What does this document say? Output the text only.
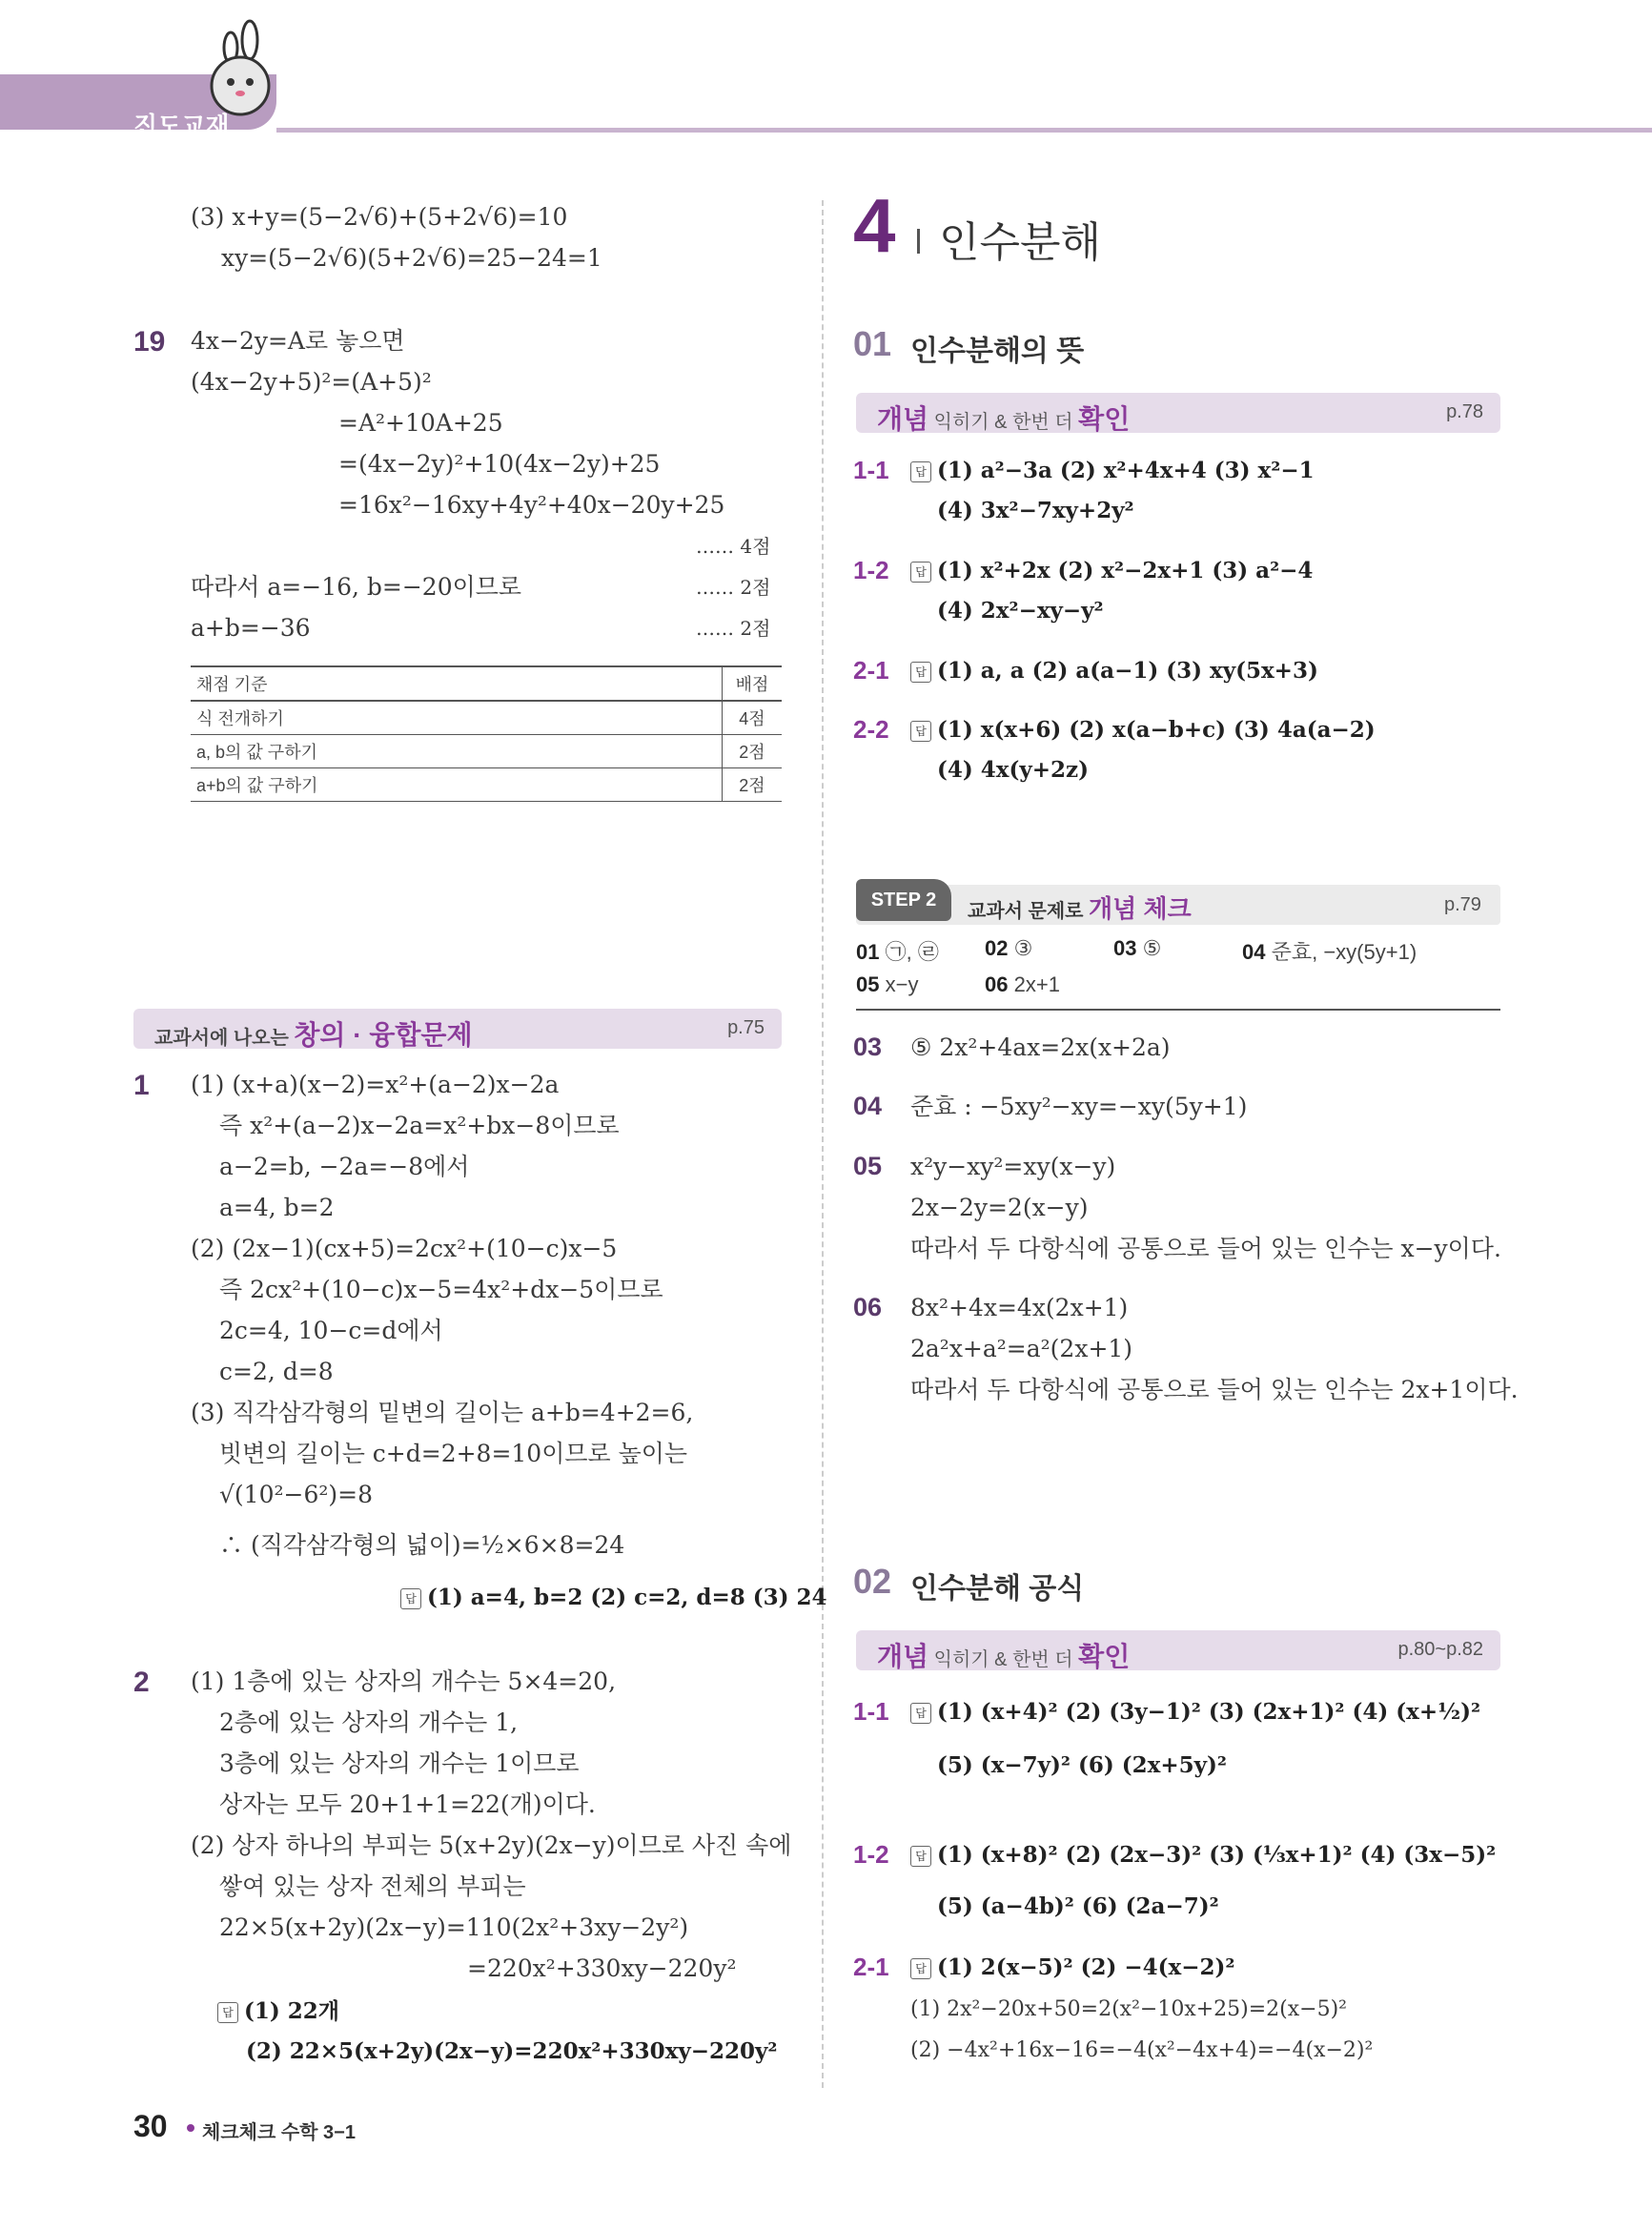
진도교재
(3) x+y=(5−2√6)+(5+2√6)=10
xy=(5−2√6)(5+2√6)=25−24=1
19 4x−2y=A로 놓으면
(4x−2y+5)²=(A+5)²
=A²+10A+25
=(4x−2y)²+10(4x−2y)+25
=16x²−16xy+4y²+40x−20y+25
…… 4점
따라서 a=−16, b=−20이므로	…… 2점
a+b=−36	…… 2점
채점 기준	배점
식 전개하기	4점
a, b의 값 구하기	2점
a+b의 값 구하기	2점
교과서에 나오는 창의 · 융합문제	p.75
1 (1) (x+a)(x−2)=x²+(a−2)x−2a
즉 x²+(a−2)x−2a=x²+bx−8이므로
a−2=b, −2a=−8에서
a=4, b=2
(2) (2x−1)(cx+5)=2cx²+(10−c)x−5
즉 2cx²+(10−c)x−5=4x²+dx−5이므로
2c=4, 10−c=d에서
c=2, d=8
(3) 직각삼각형의 밑변의 길이는 a+b=4+2=6,
빗변의 길이는 c+d=2+8=10이므로 높이는
√(10²−6²)=8
∴ (직각삼각형의 넓이)=½×6×8=24
답 (1) a=4, b=2 (2) c=2, d=8 (3) 24
2 (1) 1층에 있는 상자의 개수는 5×4=20,
2층에 있는 상자의 개수는 1,
3층에 있는 상자의 개수는 1이므로
상자는 모두 20+1+1=22(개)이다.
(2) 상자 하나의 부피는 5(x+2y)(2x−y)이므로 사진 속에
쌓여 있는 상자 전체의 부피는
22×5(x+2y)(2x−y)=110(2x²+3xy−2y²)
=220x²+330xy−220y²
답 (1) 22개
(2) 22×5(x+2y)(2x−y)=220x²+330xy−220y²
4 인수분해
01 인수분해의 뜻
개념 익히기 & 한번 더 확인	p.78
1-1	답 (1) a²−3a (2) x²+4x+4 (3) x²−1
(4) 3x²−7xy+2y²
1-2	답 (1) x²+2x (2) x²−2x+1 (3) a²−4
(4) 2x²−xy−y²
2-1	답 (1) a, a (2) a(a−1) (3) xy(5x+3)
2-2	답 (1) x(x+6) (2) x(a−b+c) (3) 4a(a−2)
(4) 4x(y+2z)
STEP 2
교과서 문제로 개념 체크	p.79
01 ㉠, ㉣ 02 ③	03 ⑤	04 준효, −xy(5y+1)
05 x−y	06 2x+1
03 ⑤ 2x²+4ax=2x(x+2a)
04 준효 : −5xy²−xy=−xy(5y+1)
05 x²y−xy²=xy(x−y)
2x−2y=2(x−y)
따라서 두 다항식에 공통으로 들어 있는 인수는 x−y이다.
06 8x²+4x=4x(2x+1)
2a²x+a²=a²(2x+1)
따라서 두 다항식에 공통으로 들어 있는 인수는 2x+1이다.
02 인수분해 공식
개념 익히기 & 한번 더 확인	p.80~p.82
1-1	답 (1) (x+4)² (2) (3y−1)² (3) (2x+1)² (4) (x+½)²
(5) (x−7y)² (6) (2x+5y)²
1-2	답 (1) (x+8)² (2) (2x−3)² (3) (⅓x+1)² (4) (3x−5)²
(5) (a−4b)² (6) (2a−7)²
2-1	답 (1) 2(x−5)² (2) −4(x−2)²
(1) 2x²−20x+50=2(x²−10x+25)=2(x−5)²
(2) −4x²+16x−16=−4(x²−4x+4)=−4(x−2)²
30 체크체크 수학 3−1
